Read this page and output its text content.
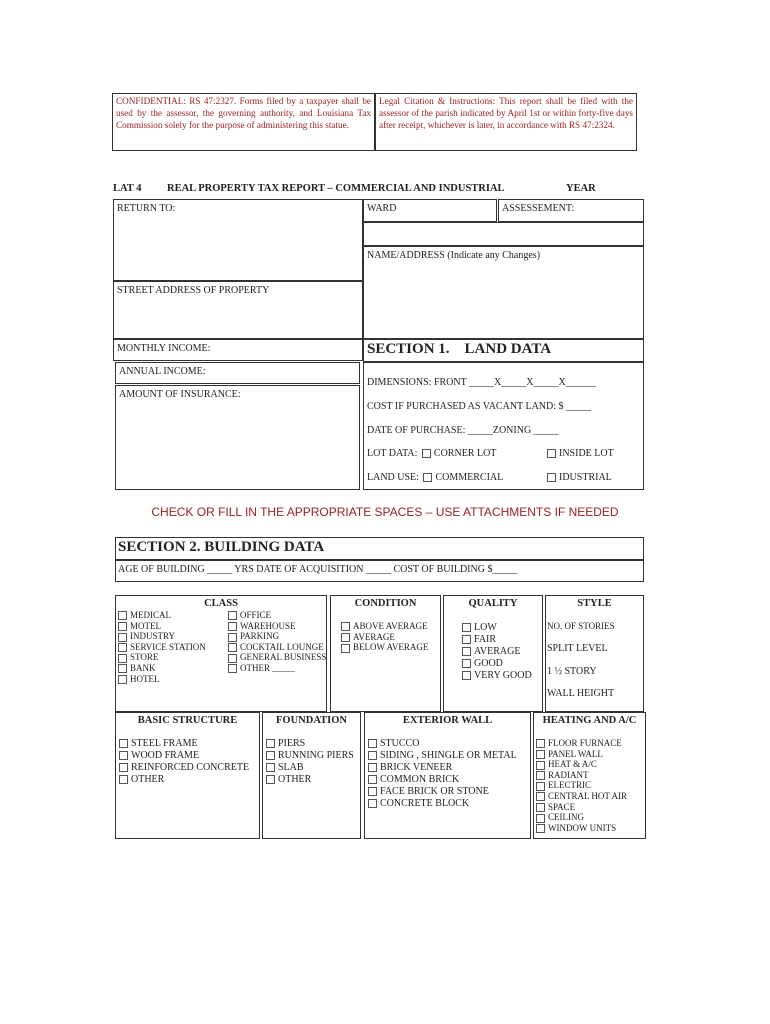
CONFIDENTIAL: RS 47:2327. Forms filed by a taxpayer shall be used by the assessor, the governing authority, and Louisiana Tax Commission solely for the purpose of administering this statue.
Legal Citation & Instructions: This report shall be filed with the assessor of the parish indicated by April 1st or within forty-five days after receipt, whichever is later, in accordance with RS 47:2324.
LAT 4 REAL PROPERTY TAX REPORT – COMMERCIAL AND INDUSTRIAL	YEAR
RETURN TO:
STREET ADDRESS OF PROPERTY
MONTHLY INCOME:
ANNUAL INCOME:
AMOUNT OF INSURANCE:
WARD	ASSESSEMENT:
NAME/ADDRESS (Indicate any Changes)
SECTION 1.    LAND DATA
DIMENSIONS: FRONT _____X_____X_____X______
COST IF PURCHASED AS VACANT LAND: $ _____
DATE OF PURCHASE: _____ZONING _____
LOT DATA: CORNER LOT	INSIDE LOT
LAND USE: COMMERCIAL	IDUSTRIAL
CHECK OR FILL IN THE APPROPRIATE SPACES – USE ATTACHMENTS IF NEEDED
SECTION 2. BUILDING DATA
AGE OF BUILDING _____ YRS DATE OF ACQUISITION _____ COST OF BUILDING $_____
CLASS
MEDICAL
MOTEL
INDUSTRY
SERVICE STATION
STORE
BANK
HOTEL
OFFICE
WAREHOUSE
PARKING
COCKTAIL LOUNGE
GENERAL BUSINESS
OTHER _____
CONDITION
ABOVE AVERAGE
AVERAGE
BELOW AVERAGE
QUALITY
LOW
FAIR
AVERAGE
GOOD
VERY GOOD
STYLE
NO. OF STORIES
SPLIT LEVEL
1 ½ STORY
WALL HEIGHT
BASIC STRUCTURE
STEEL FRAME
WOOD FRAME
REINFORCED CONCRETE
OTHER
FOUNDATION
PIERS
RUNNING PIERS
SLAB
OTHER
EXTERIOR WALL
STUCCO
SIDING , SHINGLE OR METAL
BRICK VENEER
COMMON BRICK
FACE BRICK OR STONE
CONCRETE BLOCK
HEATING AND A/C
FLOOR FURNACE
PANEL WALL
HEAT & A/C
RADIANT
ELECTRIC
CENTRAL HOT AIR
SPACE
CEILING
WINDOW UNITS
